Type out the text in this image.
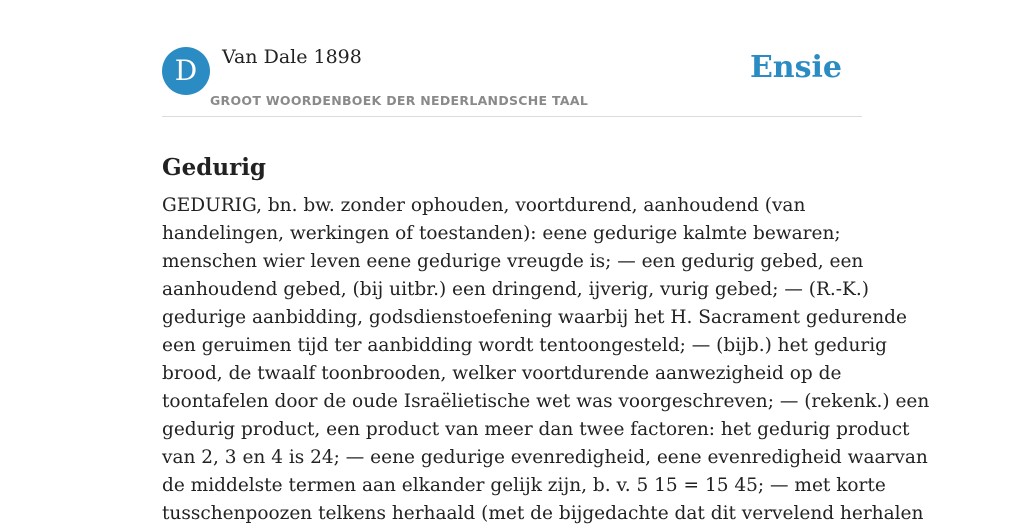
D	Van Dale 1898
GROOT WOORDENBOEK DER NEDERLANDSCHE TAAL
Ensie
Gedurig

GEDURIG, bn. bw. zonder ophouden, voortdurend, aanhoudend (van
handelingen, werkingen of toestanden): eene gedurige kalmte bewaren;
menschen wier leven eene gedurige vreugde is; — een gedurig gebed, een
aanhoudend gebed, (bij uitbr.) een dringend, ijverig, vurig gebed; — (R.-K.)
gedurige aanbidding, godsdienstoefening waarbij het H. Sacrament gedurende
een geruimen tijd ter aanbidding wordt tentoongesteld; — (bijb.) het gedurig
brood, de twaalf toonbrooden, welker voortdurende aanwezigheid op de
toontafelen door de oude Israëlietische wet was voorgeschreven; — (rekenk.) een
gedurig product, een product van meer dan twee factoren: het gedurig product
van 2, 3 en 4 is 24; — eene gedurige evenredigheid, eene evenredigheid waarvan
de middelste termen aan elkander gelijk zijn, b. v. 5 15 = 15 45; — met korte
tusschenpoozen telkens herhaald (met de bijgedachte dat dit vervelend herhalen
